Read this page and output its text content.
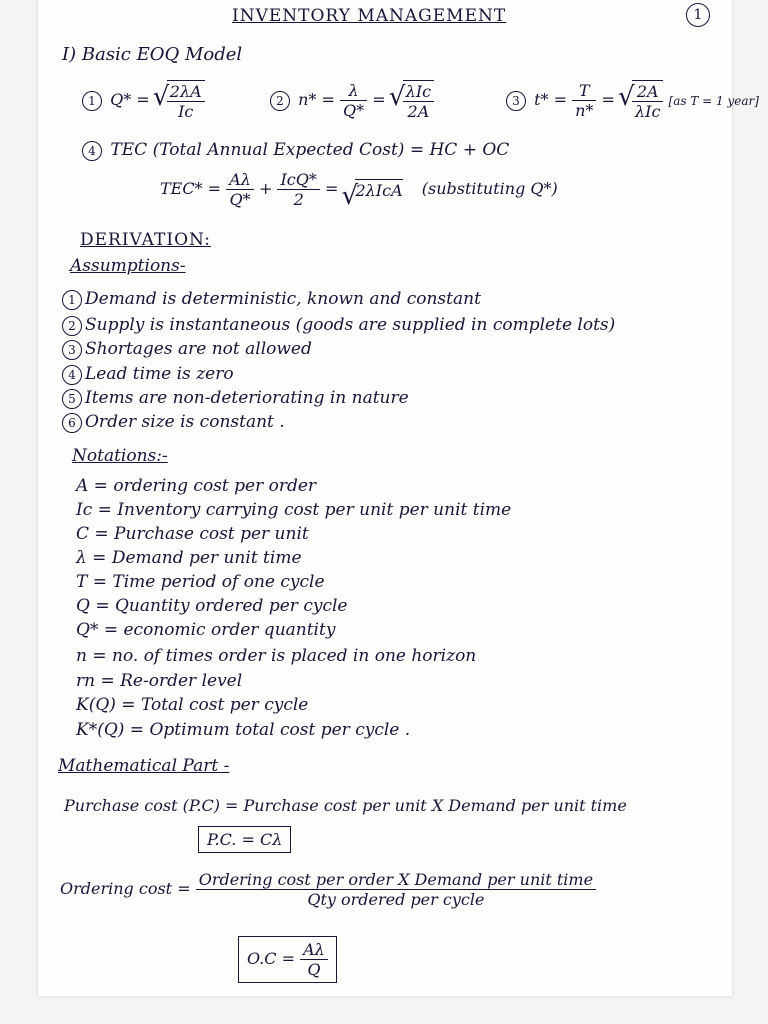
INVENTORY MANAGEMENT	1
I) Basic EOQ Model
1 Q* = √ $\frac{2\lambda A}{Ic}$	2 $n* = \frac{\lambda}{Q*}$ = √ $\frac{\text{λIc}}{2A}$	3 $t* = \frac{T}{n*}$ = √ $\frac{2A}{\text{λIc}} [as$ T = 1 year]
4 TEC (Total Annual Expected Cost) = HC + OC
$TEC* = \frac{A\lambda}{Q*} + \frac{\text{IcQ*}}{2}$ = √ 2λIcA (substituting Q*)
DERIVATION:
Assumptions-
1 Demand is deterministic, known and constant
2 Supply is instantaneous (goods are supplied in complete lots)
3 Shortages are not allowed
4 Lead time is zero
5 Items are non-deteriorating in nature
6 Order size is constant .
Notations:-
A = ordering cost per order
Ic = Inventory carrying cost per unit per unit time
C = Purchase cost per unit
λ = Demand per unit time
T = Time period of one cycle
Q = Quantity ordered per cycle
Q* = economic order quantity
n = no. of times order is placed in one horizon
rn = Re-order level
K(Q) = Total cost per cycle
K*(Q) = Optimum total cost per cycle .
Mathematical Part -
Purchase cost (P.C) = Purchase cost per unit X Demand per unit time
P.C. = Cλ
Ordering $\cos t = \frac{\text{Ordering cost per order X Demand per unit time}}{\text{Qty ordered per cycle}}$
$O.C = \frac{A\lambda}{Q}$
